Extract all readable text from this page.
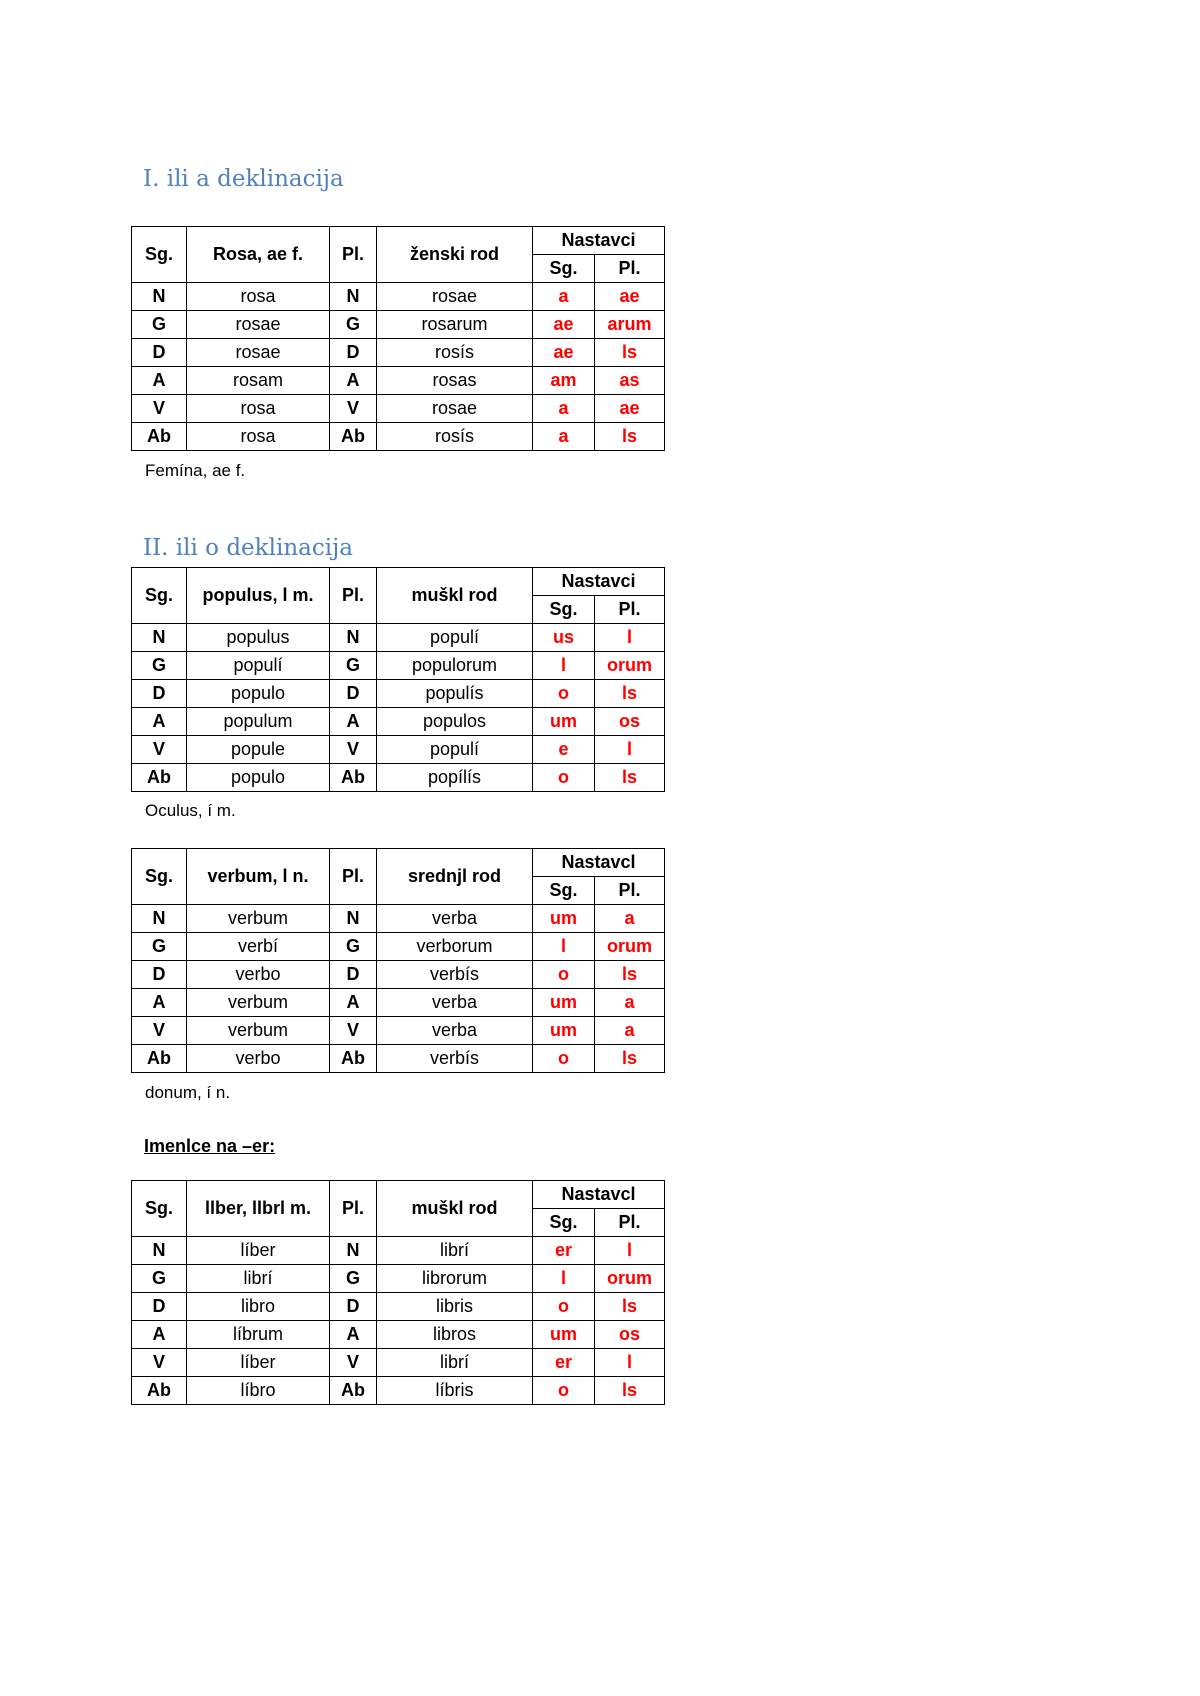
I. ili a deklinacija
II. ili o deklinacija

Imenlce na –er:

Sg.	Rosa, ae f.	Pl.	ženski rod	Nastavci	
				Sg.	Pl.
N	rosa	N	rosae	a	ae
G	rosae	G	rosarum	ae	arum
D	rosae	D	rosís	ae	ls
A	rosam	A	rosas	am	as
V	rosa	V	rosae	a	ae
Ab	rosa	Ab	rosís	a	ls

Femína, ae f.

Sg.	populus, l m.	Pl.	muškl rod	Nastavci	
				Sg.	Pl.
N	populus	N	populí	us	l
G	populí	G	populorum	l	orum
D	populo	D	populís	o	ls
A	populum	A	populos	um	os
V	popule	V	populí	e	l
Ab	populo	Ab	popílís	o	ls

Oculus, í m.

Sg.	verbum, l n.	Pl.	srednjl rod	Nastavcl	
				Sg.	Pl.
N	verbum	N	verba	um	a
G	verbí	G	verborum	l	orum
D	verbo	D	verbís	o	ls
A	verbum	A	verba	um	a
V	verbum	V	verba	um	a
Ab	verbo	Ab	verbís	o	ls

donum, í n.

Sg.	llber, llbrl m.	Pl.	muškl rod	Nastavcl	
				Sg.	Pl.
N	líber	N	librí	er	l
G	librí	G	librorum	l	orum
D	libro	D	libris	o	ls
A	líbrum	A	libros	um	os
V	líber	V	librí	er	l
Ab	líbro	Ab	líbris	o	ls
